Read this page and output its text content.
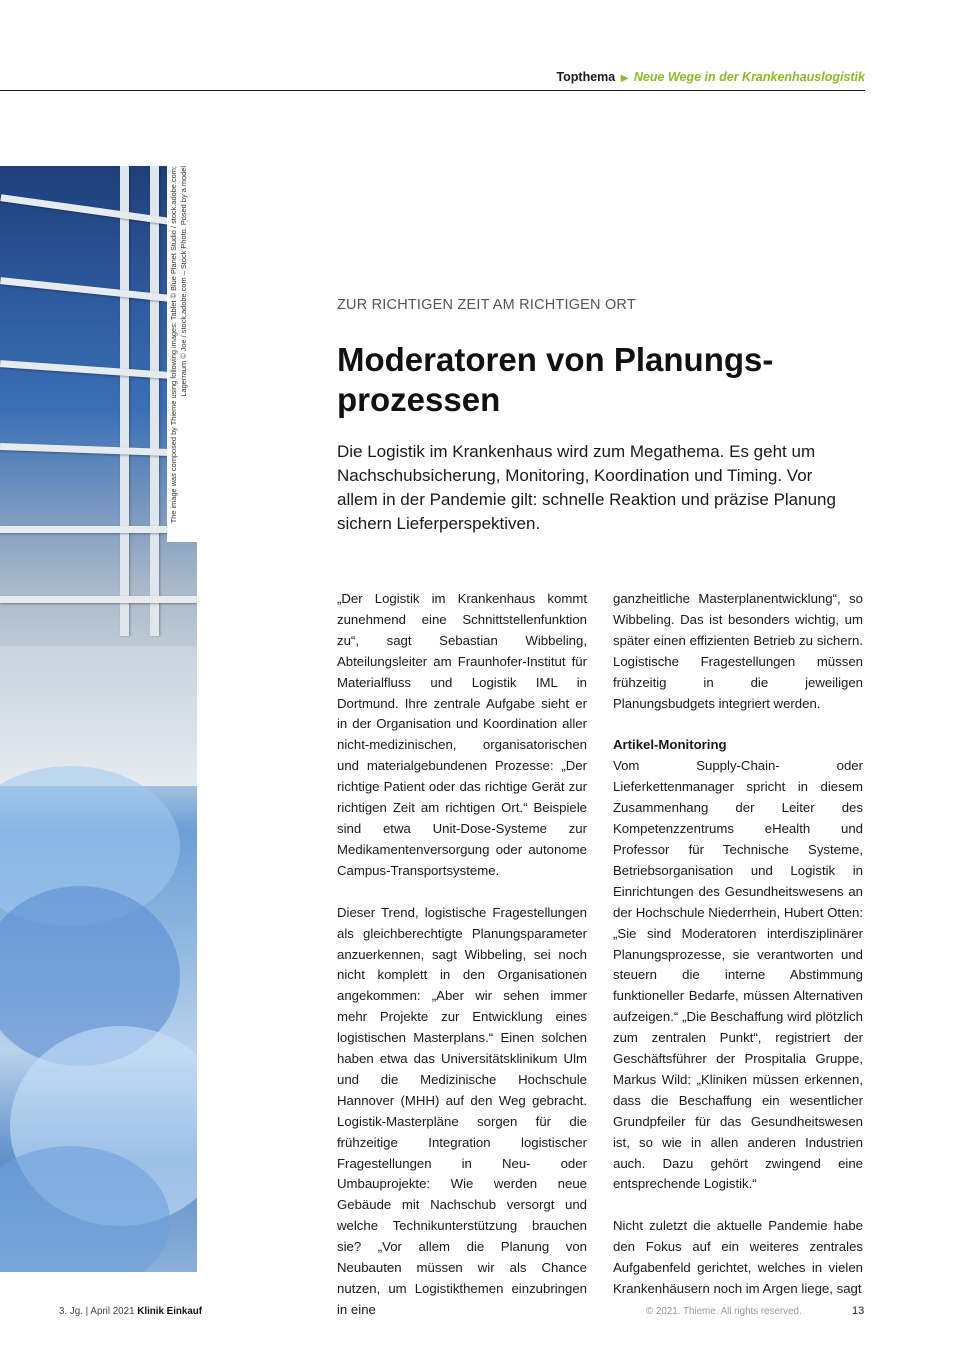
Topthema ▶ Neue Wege in der Krankenhauslogistik
The image was composed by Thieme using following images: Tablet © Blue Planet Studio / stock.adobe.com; Lagerraum © Joe / stock.adobe.com – Stock Photo. Posed by a model	ZUR RICHTIGEN ZEIT AM RICHTIGEN ORT
Moderatoren von Planungs-prozessen

Die Logistik im Krankenhaus wird zum Megathema. Es geht um Nachschubsicherung, Monitoring, Koordination und Timing. Vor allem in der Pandemie gilt: schnelle Reaktion und präzise Planung sichern Lieferperspektiven.

„Der Logistik im Krankenhaus kommt zunehmend eine Schnittstellenfunktion zu“, sagt Sebastian Wibbeling, Abteilungsleiter am Fraunhofer-Institut für Materialfluss und Logistik IML in Dortmund. Ihre zentrale Aufgabe sieht er in der Organisation und Koordination aller nicht-medizinischen, organisatorischen und materialgebundenen Prozesse: „Der richtige Patient oder das richtige Gerät zur richtigen Zeit am richtigen Ort.“ Beispiele sind etwa Unit-Dose-Systeme zur Medikamentenversorgung oder autonome Campus-Transportsysteme.

Dieser Trend, logistische Fragestellungen als gleichberechtigte Planungsparameter anzuerkennen, sagt Wibbeling, sei noch nicht komplett in den Organisationen angekommen: „Aber wir sehen immer mehr Projekte zur Entwicklung eines logistischen Masterplans.“ Einen solchen haben etwa das Universitätsklinikum Ulm und die Medizinische Hochschule Hannover (MHH) auf den Weg gebracht. Logistik-Masterpläne sorgen für die frühzeitige Integration logistischer Fragestellungen in Neu- oder Umbauprojekte: Wie werden neue Gebäude mit Nachschub versorgt und welche Technikunterstützung brauchen sie? „Vor allem die Planung von Neubauten müssen wir als Chance nutzen, um Logistikthemen einzubringen in eine

ganzheitliche Masterplanentwicklung“, so Wibbeling. Das ist besonders wichtig, um später einen effizienten Betrieb zu sichern. Logistische Fragestellungen müssen frühzeitig in die jeweiligen Planungsbudgets integriert werden.

Artikel-Monitoring

Vom Supply-Chain- oder Lieferkettenmanager spricht in diesem Zusammenhang der Leiter des Kompetenzzentrums eHealth und Professor für Technische Systeme, Betriebsorganisation und Logistik in Einrichtungen des Gesundheitswesens an der Hochschule Niederrhein, Hubert Otten: „Sie sind Moderatoren interdisziplinärer Planungsprozesse, sie verantworten und steuern die interne Abstimmung funktioneller Bedarfe, müssen Alternativen aufzeigen.“ „Die Beschaffung wird plötzlich zum zentralen Punkt“, registriert der Geschäftsführer der Prospitalia Gruppe, Markus Wild: „Kliniken müssen erkennen, dass die Beschaffung ein wesentlicher Grundpfeiler für das Gesundheitswesen ist, so wie in allen anderen Industrien auch. Dazu gehört zwingend eine entsprechende Logistik.“

Nicht zuletzt die aktuelle Pandemie habe den Fokus auf ein weiteres zentrales Aufgabenfeld gerichtet, welches in vielen Krankenhäusern noch im Argen liege, sagt

3. Jg. | April 2021 Klinik Einkauf	© 2021. Thieme. All rights reserved.	13
